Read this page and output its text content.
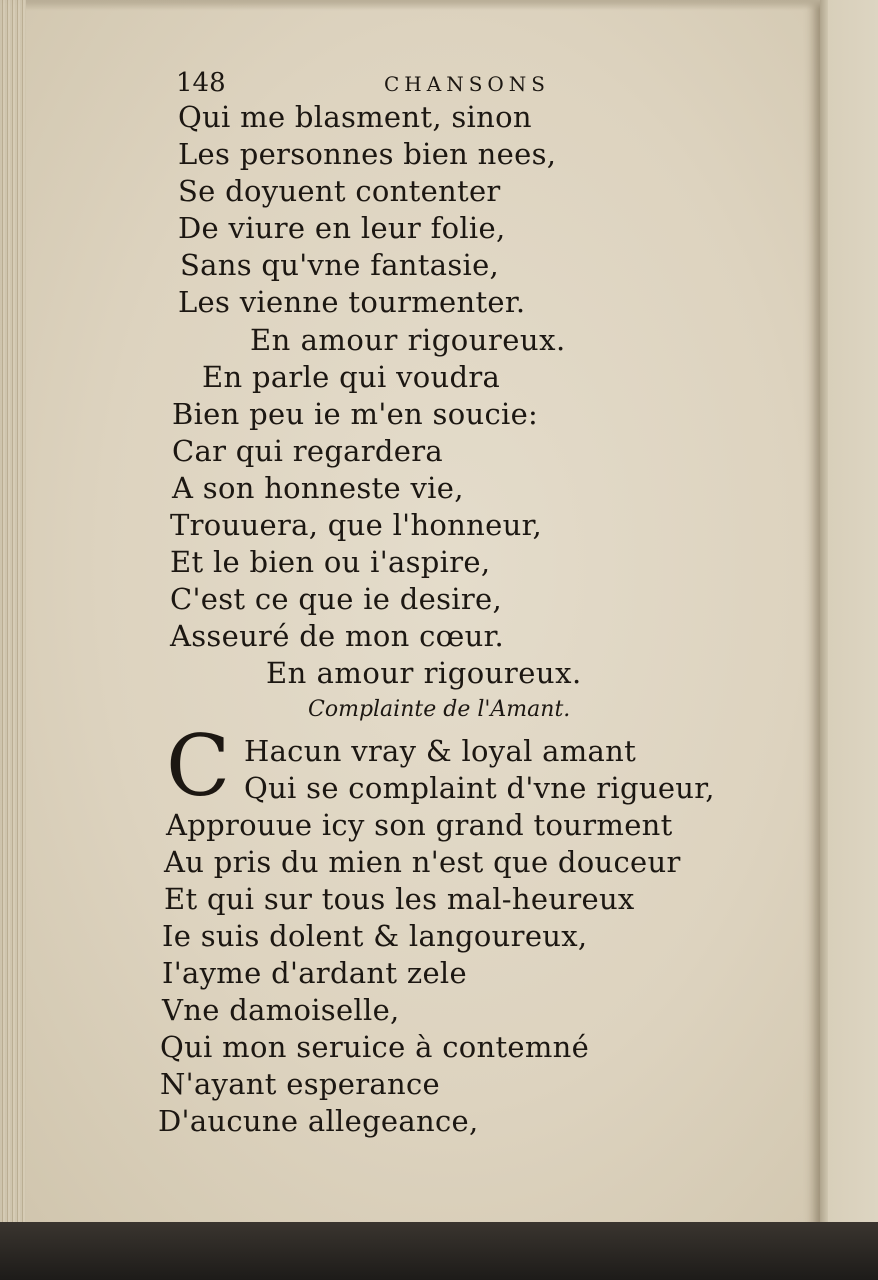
148	CHANSONS
Qui me blasment, sinon
Les personnes bien nees,
Se doyuent contenter
De viure en leur folie,
Sans qu'vne fantasie,
Les vienne tourmenter.
En amour rigoureux.
En parle qui voudra
Bien peu ie m'en soucie:
Car qui regardera
A son honneste vie,
Trouuera, que l'honneur,
Et le bien ou i'aspire,
C'est ce que ie desire,
Asseuré de mon cœur.
En amour rigoureux.
Complainte de l'Amant.
C Hacun vray & loyal amant
Qui se complaint d'vne rigueur,
Approuue icy son grand tourment
Au pris du mien n'est que douceur
Et qui sur tous les mal-heureux
Ie suis dolent & langoureux,
I'ayme d'ardant zele
Vne damoiselle,
Qui mon seruice à contemné
N'ayant esperance
D'aucune allegeance,
